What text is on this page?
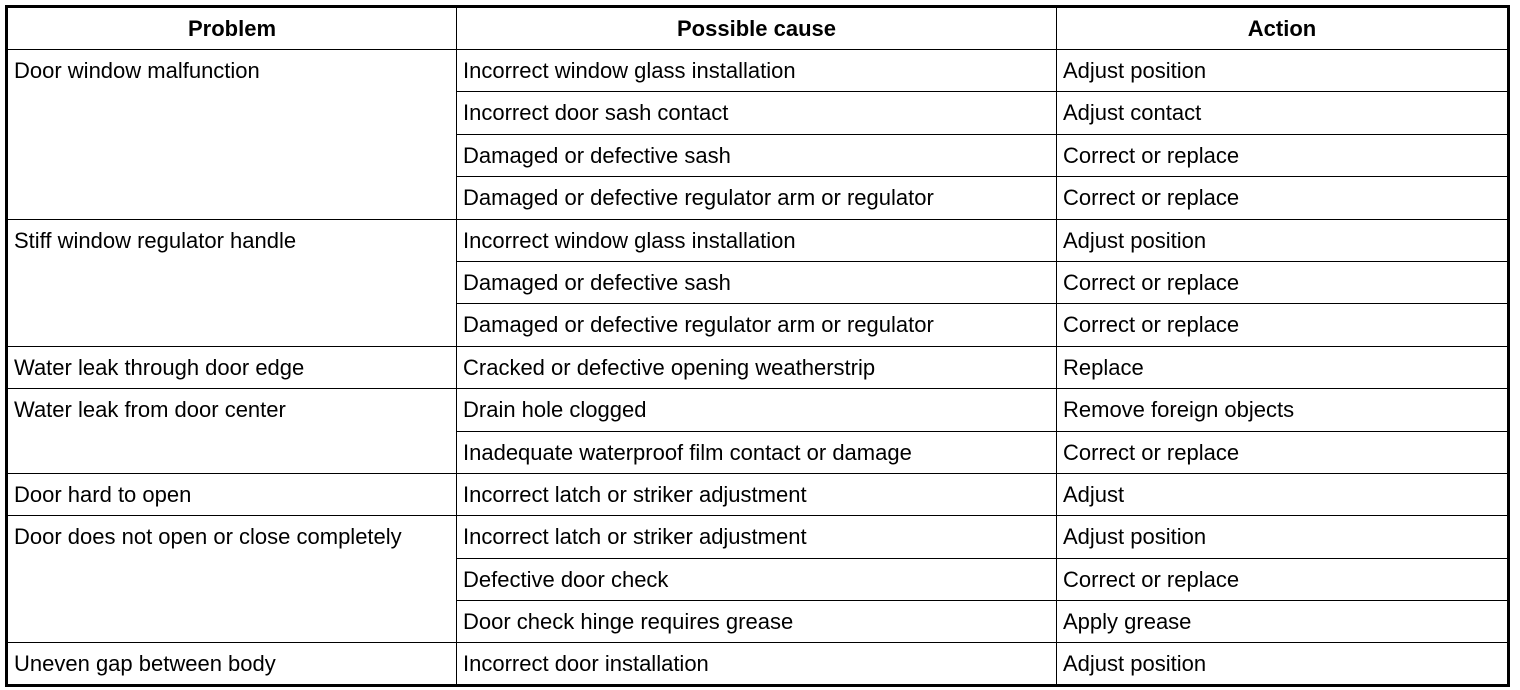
Problem	Possible cause	Action
Door window malfunction	Incorrect window glass installation	Adjust position
	Incorrect door sash contact	Adjust contact
	Damaged or defective sash	Correct or replace
	Damaged or defective regulator arm or regulator	Correct or replace
Stiff window regulator handle	Incorrect window glass installation	Adjust position
	Damaged or defective sash	Correct or replace
	Damaged or defective regulator arm or regulator	Correct or replace
Water leak through door edge	Cracked or defective opening weatherstrip	Replace
Water leak from door center	Drain hole clogged	Remove foreign objects
	Inadequate waterproof film contact or damage	Correct or replace
Door hard to open	Incorrect latch or striker adjustment	Adjust
Door does not open or close completely	Incorrect latch or striker adjustment	Adjust position
	Defective door check	Correct or replace
	Door check hinge requires grease	Apply grease
Uneven gap between body	Incorrect door installation	Adjust position
